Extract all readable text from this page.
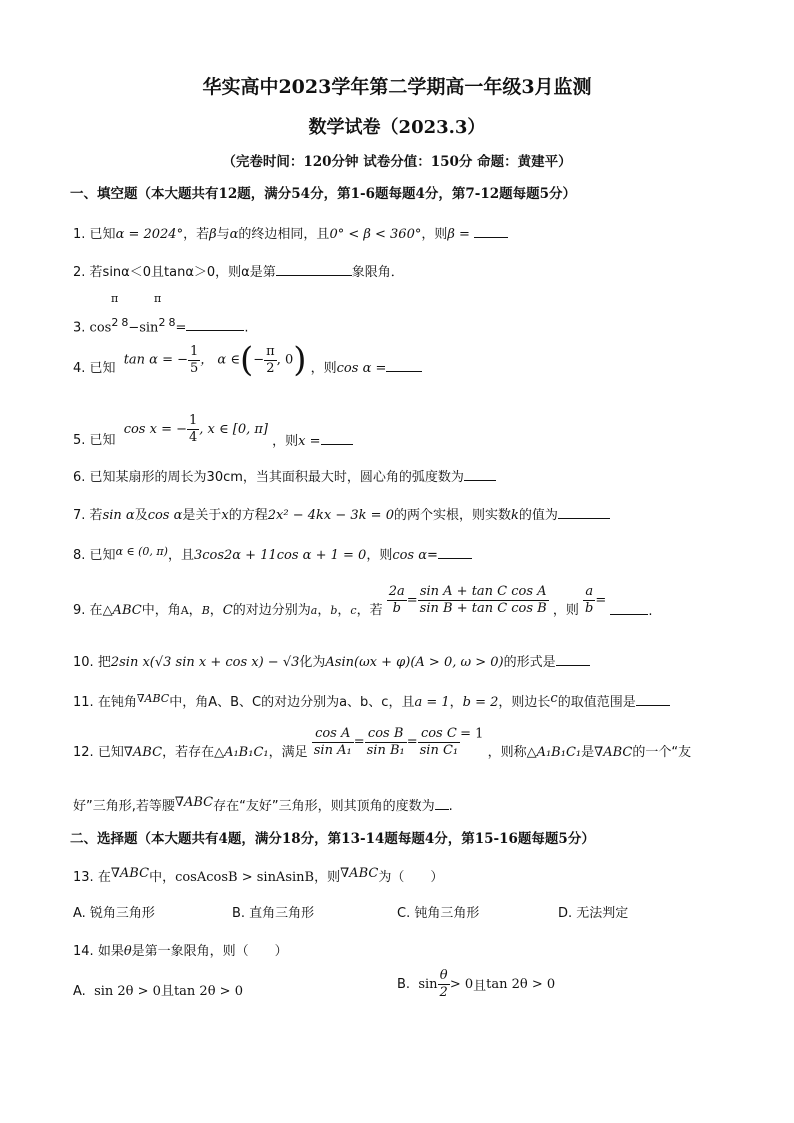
华实高中2023学年第二学期高一年级3月监测
数学试卷（2023.3）
（完卷时间：120分钟 试卷分值：150分 命题：黄建平）
一、填空题（本大题共有12题，满分54分，第1-6题每题4分，第7-12题每题5分）
1. 已知α = 2024°，若β与α的终边相同，且0° < β < 360°，则β =
2. 若sinα＜0且tanα＞0，则α是第	象限角．
π	π
3. $\cos^2 ^8-\sin^2$ $^8$=	.
4. 已知 tan α = − $\frac{1}{5}$ ， α ∈(− $\frac{\pi}{2}$ , 0) ，则cos α =
5. 已知 cos x = − $\frac{1}{4}$ , x ∈ [0, π] ，则x =
6. 已知某扇形的周长为30cm，当其面积最大时，圆心角的弧度数为
7. 若sin α及cos α是关于x的方程2x² − 4kx − 3k = 0的两个实根，则实数k的值为
8. 已知$^{\alpha \in (0, \pi)}$，且3cos2α + 11cos α + 1 = 0，则cos α=
9. 在△ABC中，角A，B，C的对边分别为a，b，c，若 $\frac{2a}{b} = \frac{\text{sin A + tan C cos A}}{\text{sin B + tan C cos B}}$ ，则 $\frac{a}{b}$ = .
10. 把2sin x(√3 sin x + cos x) − √3化为Asin(ωx + φ)(A > 0, ω > 0)的形式是
11. 在钝角$^{\nabla ABC}$中，角A、B、C的对边分别为a、b、c，且a = 1，b = 2，则边长c的取值范围是
12. 已知∇ABC，若存在△A₁B₁C₁，满足 $\frac{\text{cos A}}{\text{sin A₁}} = \frac{\text{cos B}}{\text{sin B₁}} = \frac{\text{cos C}}{\text{sin C₁}} = 1$ ，则称△A₁B₁C₁是∇ABC的一个“友
好”三角形,若等腰∇ABC存在“友好”三角形，则其顶角的度数为 .
二、选择题（本大题共有4题，满分18分，第13-14题每题4分，第15-16题每题5分）
13. 在∇ABC中，cosAcosB > sinAsinB，则∇ABC为（　　）
A. 锐角三角形	B. 直角三角形	C. 钝角三角形	D. 无法判定
14. 如果θ是第一象限角，则（　　）
A. sin 2θ > 0且tan 2θ > 0	B. $\sin \frac{\theta}{2} > 0$且tan 2θ > 0
